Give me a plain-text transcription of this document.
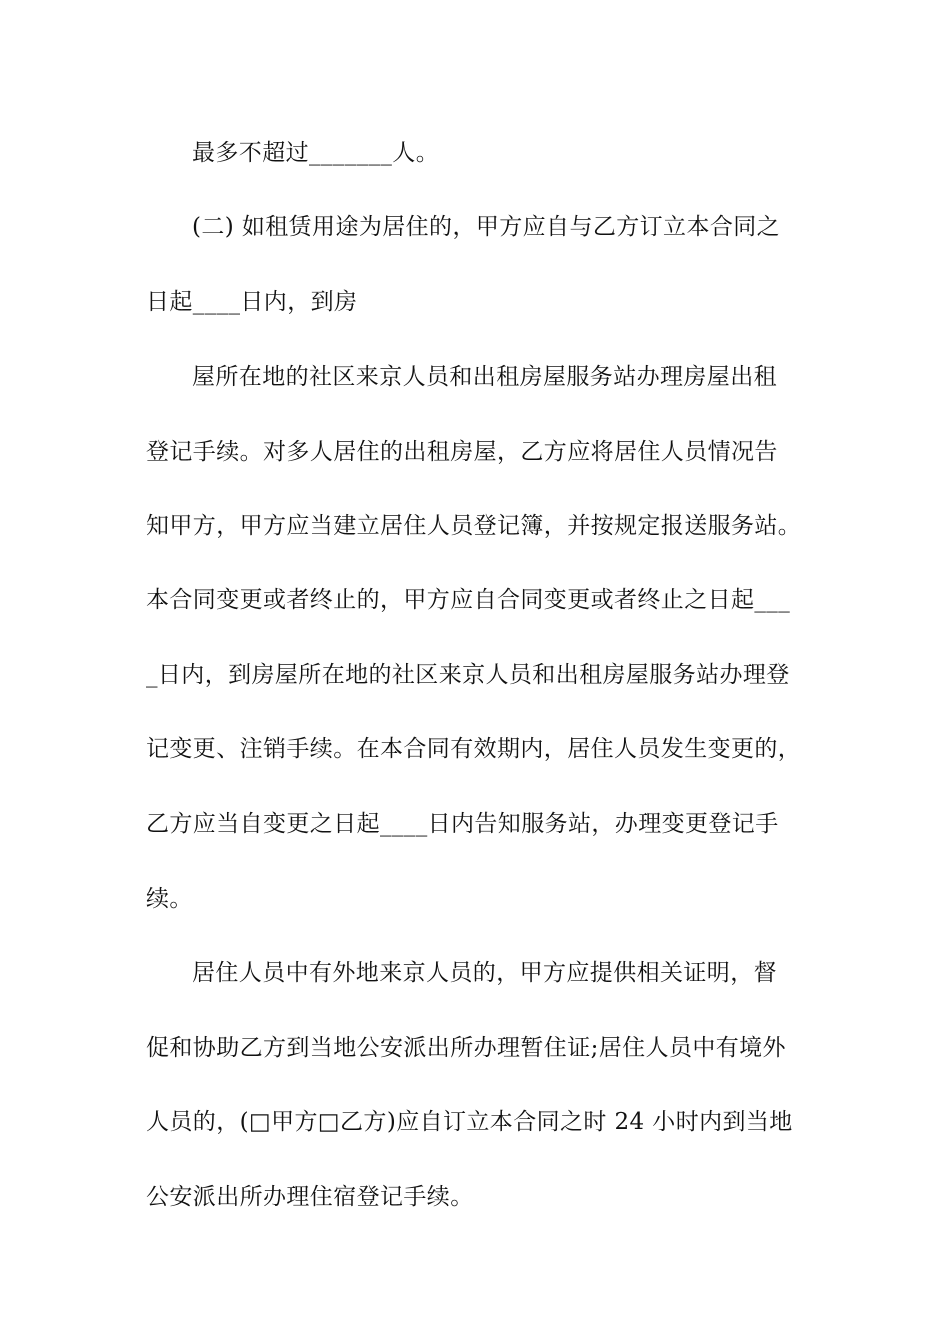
最多不超过_______人。
(二) 如租赁用途为居住的，甲方应自与乙方订立本合同之
日起____日内，到房
屋所在地的社区来京人员和出租房屋服务站办理房屋出租
登记手续。对多人居住的出租房屋，乙方应将居住人员情况告
知甲方，甲方应当建立居住人员登记簿，并按规定报送服务站。
本合同变更或者终止的，甲方应自合同变更或者终止之日起___
_日内，到房屋所在地的社区来京人员和出租房屋服务站办理登
记变更、注销手续。在本合同有效期内，居住人员发生变更的，
乙方应当自变更之日起____日内告知服务站，办理变更登记手
续。
居住人员中有外地来京人员的，甲方应提供相关证明，督
促和协助乙方到当地公安派出所办理暂住证;居住人员中有境外
人员的，(□甲方□乙方)应自订立本合同之时 24 小时内到当地
公安派出所办理住宿登记手续。
